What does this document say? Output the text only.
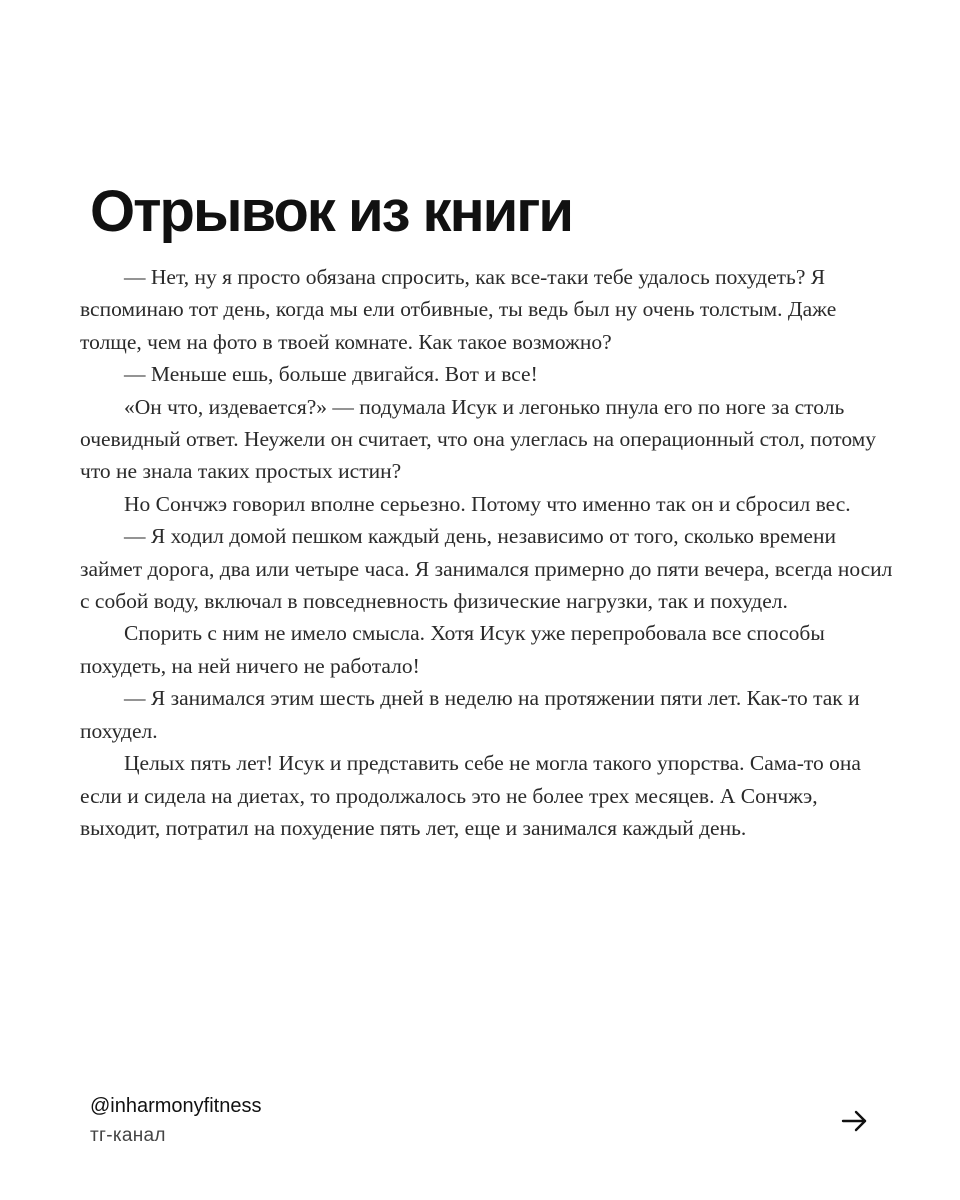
Отрывок из книги

— Нет, ну я просто обязана спросить, как все-таки тебе удалось похудеть? Я вспоминаю тот день, когда мы ели отбивные, ты ведь был ну очень толстым. Даже толще, чем на фото в твоей комнате. Как такое возможно?

— Меньше ешь, больше двигайся. Вот и все!

«Он что, издевается?» — подумала Исук и легонько пнула его по ноге за столь очевидный ответ. Неужели он считает, что она улеглась на операционный стол, потому что не знала таких простых истин?

Но Сончжэ говорил вполне серьезно. Потому что именно так он и сбросил вес.

— Я ходил домой пешком каждый день, независимо от того, сколько времени займет дорога, два или четыре часа. Я занимался примерно до пяти вечера, всегда носил с собой воду, включал в повседневность физические нагрузки, так и похудел.

Спорить с ним не имело смысла. Хотя Исук уже перепробовала все способы похудеть, на ней ничего не работало!

— Я занимался этим шесть дней в неделю на протяжении пяти лет. Как-то так и похудел.

Целых пять лет! Исук и представить себе не могла такого упорства. Сама-то она если и сидела на диетах, то продолжалось это не более трех месяцев. А Сончжэ, выходит, потратил на похудение пять лет, еще и занимался каждый день.

@inharmonyfitness
тг-канал
